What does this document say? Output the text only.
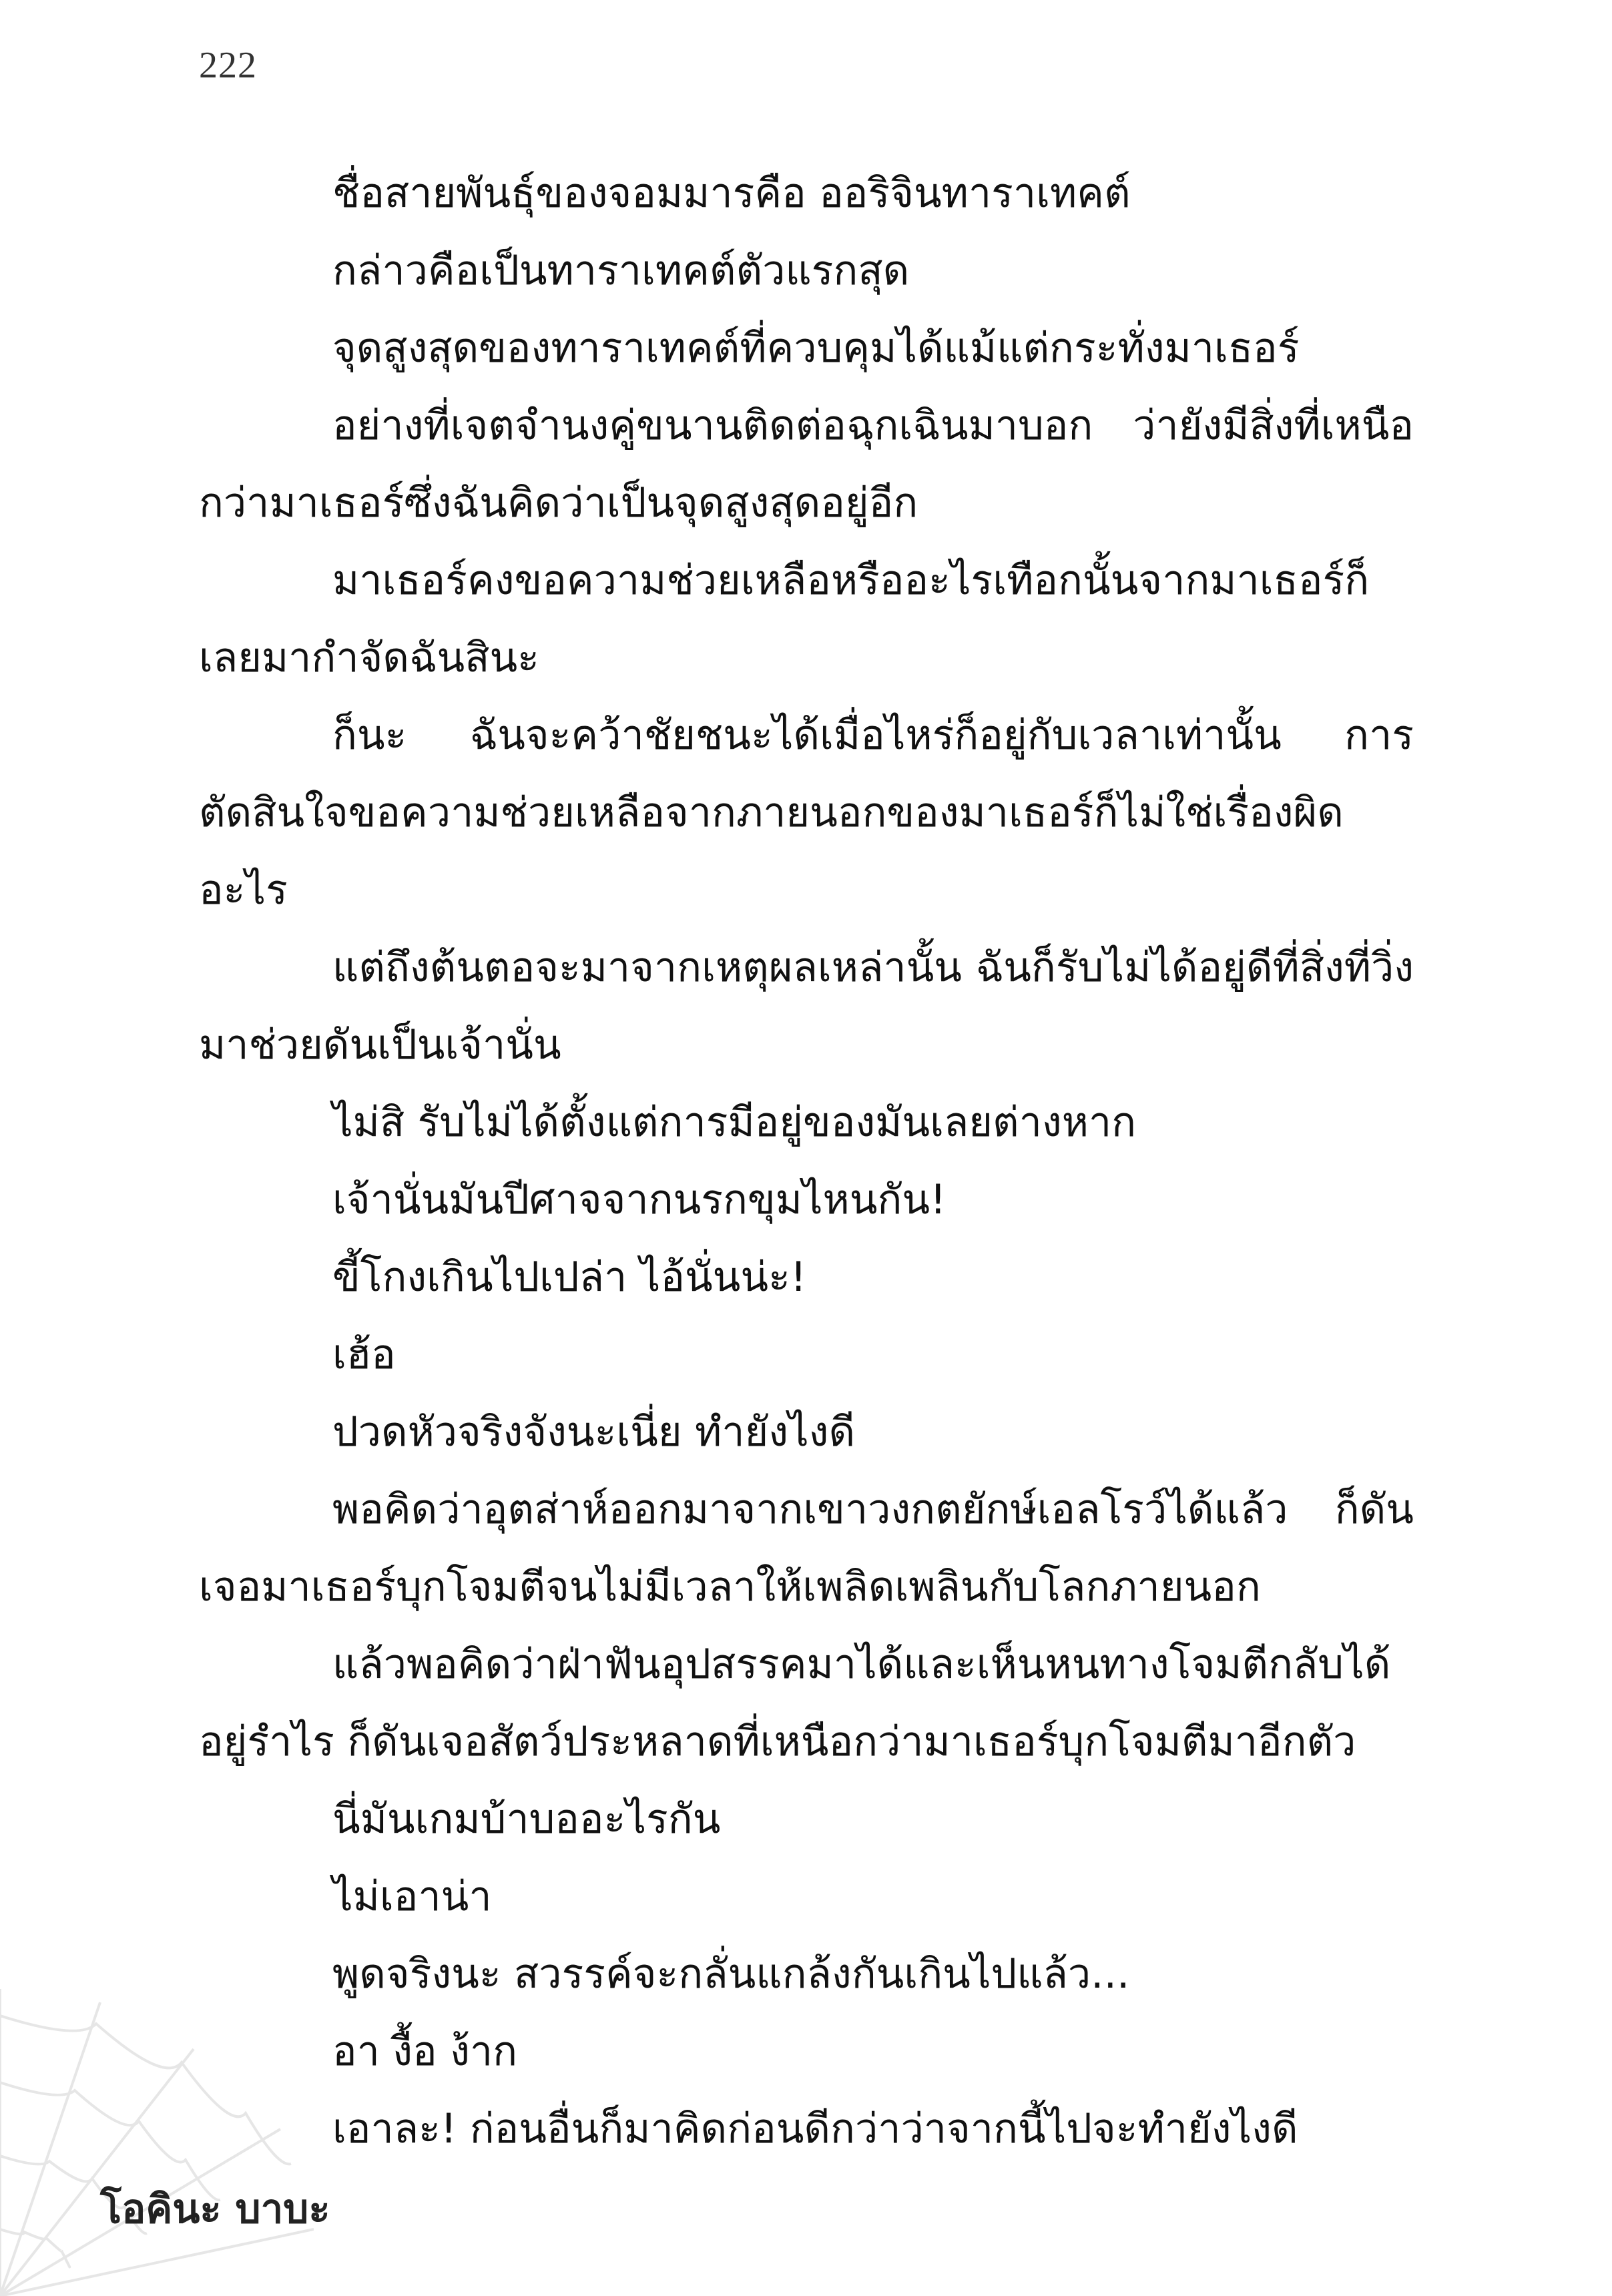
222

ชื่อสายพันธุ์ของจอมมารคือ ออริจินทาราเทคต์

กล่าวคือเป็นทาราเทคต์ตัวแรกสุด

จุดสูงสุดของทาราเทคต์ที่ควบคุมได้แม้แต่กระทั่งมาเธอร์

อย่างที่เจตจำนงคู่ขนานติดต่อฉุกเฉินมาบอก ว่ายังมีสิ่งที่เหนือกว่ามาเธอร์ซึ่งฉันคิดว่าเป็นจุดสูงสุดอยู่อีก

มาเธอร์คงขอความช่วยเหลือหรืออะไรเทือกนั้นจากมาเธอร์ก็เลยมากำจัดฉันสินะ

ก็นะ ฉันจะคว้าชัยชนะได้เมื่อไหร่ก็อยู่กับเวลาเท่านั้น การตัดสินใจขอความช่วยเหลือจากภายนอกของมาเธอร์ก็ไม่ใช่เรื่องผิดอะไร

แต่ถึงต้นตอจะมาจากเหตุผลเหล่านั้น ฉันก็รับไม่ได้อยู่ดีที่สิ่งที่วิ่งมาช่วยดันเป็นเจ้านั่น

ไม่สิ รับไม่ได้ตั้งแต่การมีอยู่ของมันเลยต่างหาก

เจ้านั่นมันปีศาจจากนรกขุมไหนกัน!

ขี้โกงเกินไปเปล่า ไอ้นั่นน่ะ!

เฮ้อ

ปวดหัวจริงจังนะเนี่ย ทำยังไงดี

พอคิดว่าอุตส่าห์ออกมาจากเขาวงกตยักษ์เอลโรว์ได้แล้ว ก็ดันเจอมาเธอร์บุกโจมตีจนไม่มีเวลาให้เพลิดเพลินกับโลกภายนอก

แล้วพอคิดว่าฝ่าฟันอุปสรรคมาได้และเห็นหนทางโจมตีกลับได้อยู่รำไร ก็ดันเจอสัตว์ประหลาดที่เหนือกว่ามาเธอร์บุกโจมตีมาอีกตัว

นี่มันเกมบ้าบออะไรกัน

ไม่เอาน่า

พูดจริงนะ สวรรค์จะกลั่นแกล้งกันเกินไปแล้ว...

อา งื้อ ง้าก

เอาละ! ก่อนอื่นก็มาคิดก่อนดีกว่าว่าจากนี้ไปจะทำยังไงดี

โอคินะ บาบะ
